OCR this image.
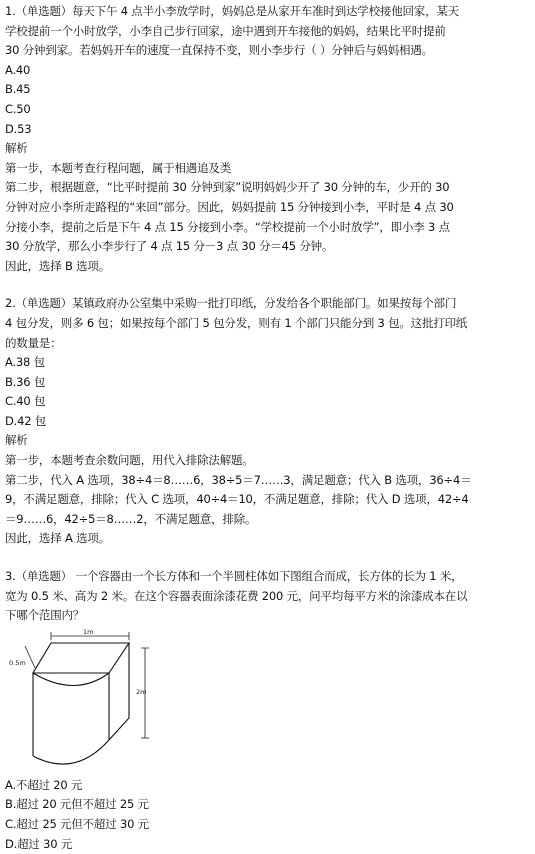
1.（单选题）每天下午 4 点半小李放学时，妈妈总是从家开车准时到达学校接他回家，某天
学校提前一个小时放学，小李自己步行回家，途中遇到开车接他的妈妈，结果比平时提前
30 分钟到家。若妈妈开车的速度一直保持不变，则小李步行（ ）分钟后与妈妈相遇。
A.40
B.45
C.50
D.53
解析
第一步，本题考查行程问题，属于相遇追及类
第二步，根据题意，“比平时提前 30 分钟到家”说明妈妈少开了 30 分钟的车，少开的 30
分钟对应小李所走路程的“来回”部分。因此，妈妈提前 15 分钟接到小李，平时是 4 点 30
分接小李，提前之后是下午 4 点 15 分接到小李。“学校提前一个小时放学”，即小李 3 点
30 分放学，那么小李步行了 4 点 15 分－3 点 30 分＝45 分钟。
因此，选择 B 选项。
2.（单选题）某镇政府办公室集中采购一批打印纸，分发给各个职能部门。如果按每个部门
4 包分发，则多 6 包；如果按每个部门 5 包分发，则有 1 个部门只能分到 3 包。这批打印纸
的数量是：
A.38 包
B.36 包
C.40 包
D.42 包
解析
第一步，本题考查余数问题，用代入排除法解题。
第二步，代入 A 选项，38÷4＝8……6，38÷5＝7……3，满足题意；代入 B 选项，36÷4＝
9，不满足题意，排除；代入 C 选项，40÷4＝10，不满足题意，排除；代入 D 选项，42÷4
＝9……6，42÷5＝8……2，不满足题意，排除。
因此，选择 A 选项。
3.（单选题） 一个容器由一个长方体和一个半圆柱体如下图组合而成，长方体的长为 1 米，
宽为 0.5 米、高为 2 米。在这个容器表面涂漆花费 200 元，问平均每平方米的涂漆成本在以
下哪个范围内？
1m
0.5m
2m
A.不超过 20 元
B.超过 20 元但不超过 25 元
C.超过 25 元但不超过 30 元
D.超过 30 元
